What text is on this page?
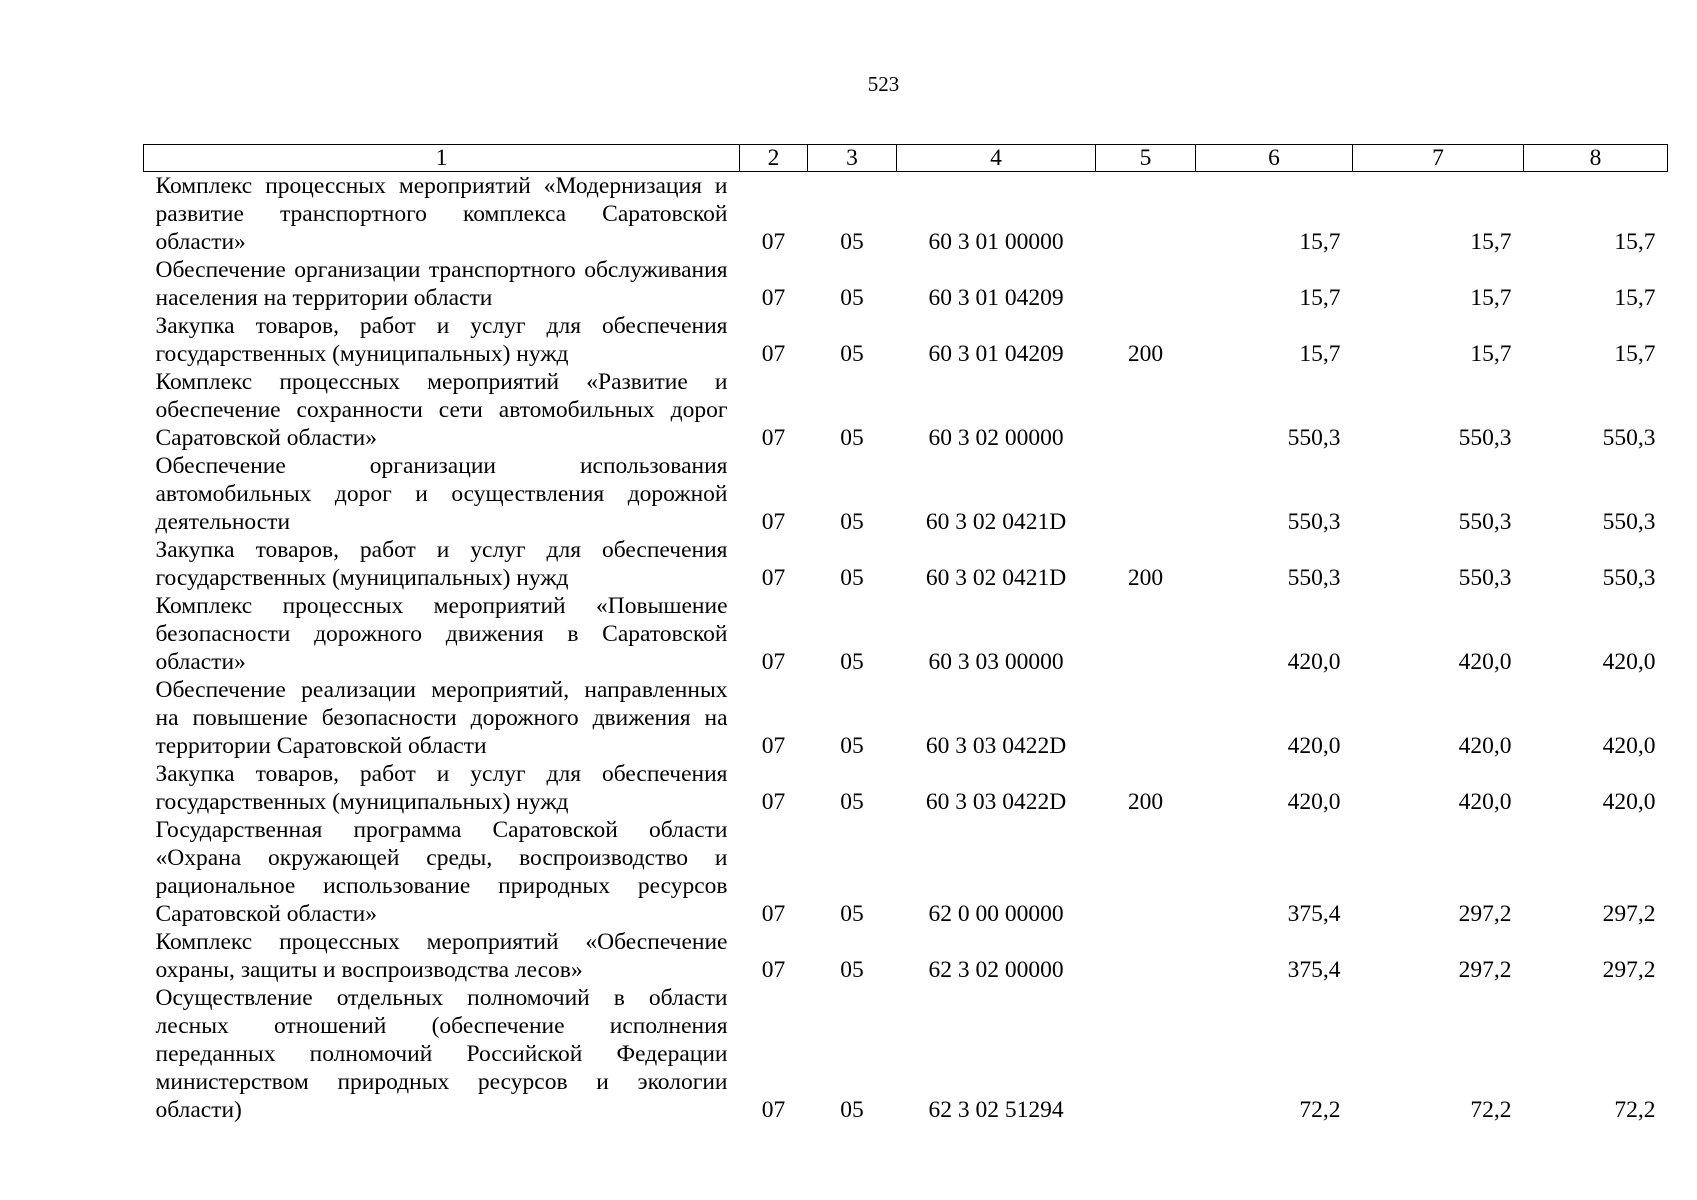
523
1	2	3	4	5	6	7	8
Комплекс процессных мероприятий «Модернизация и развитие транспортного комплекса Саратовской области»	07	05	60 3 01 00000		15,7	15,7	15,7
Обеспечение организации транспортного обслуживания населения на территории области	07	05	60 3 01 04209		15,7	15,7	15,7
Закупка товаров, работ и услуг для обеспечения государственных (муниципальных) нужд	07	05	60 3 01 04209	200	15,7	15,7	15,7
Комплекс процессных мероприятий «Развитие и обеспечение сохранности сети автомобильных дорог Саратовской области»	07	05	60 3 02 00000		550,3	550,3	550,3
Обеспечение организации использования автомобильных дорог и осуществления дорожной деятельности	07	05	60 3 02 0421D		550,3	550,3	550,3
Закупка товаров, работ и услуг для обеспечения государственных (муниципальных) нужд	07	05	60 3 02 0421D	200	550,3	550,3	550,3
Комплекс процессных мероприятий «Повышение безопасности дорожного движения в Саратовской области»	07	05	60 3 03 00000		420,0	420,0	420,0
Обеспечение реализации мероприятий, направленных на повышение безопасности дорожного движения на территории Саратовской области	07	05	60 3 03 0422D		420,0	420,0	420,0
Закупка товаров, работ и услуг для обеспечения государственных (муниципальных) нужд	07	05	60 3 03 0422D	200	420,0	420,0	420,0
Государственная программа Саратовской области «Охрана окружающей среды, воспроизводство и рациональное использование природных ресурсов Саратовской области»	07	05	62 0 00 00000		375,4	297,2	297,2
Комплекс процессных мероприятий «Обеспечение охраны, защиты и воспроизводства лесов»	07	05	62 3 02 00000		375,4	297,2	297,2
Осуществление отдельных полномочий в области лесных отношений (обеспечение исполнения переданных полномочий Российской Федерации министерством природных ресурсов и экологии области)	07	05	62 3 02 51294		72,2	72,2	72,2
